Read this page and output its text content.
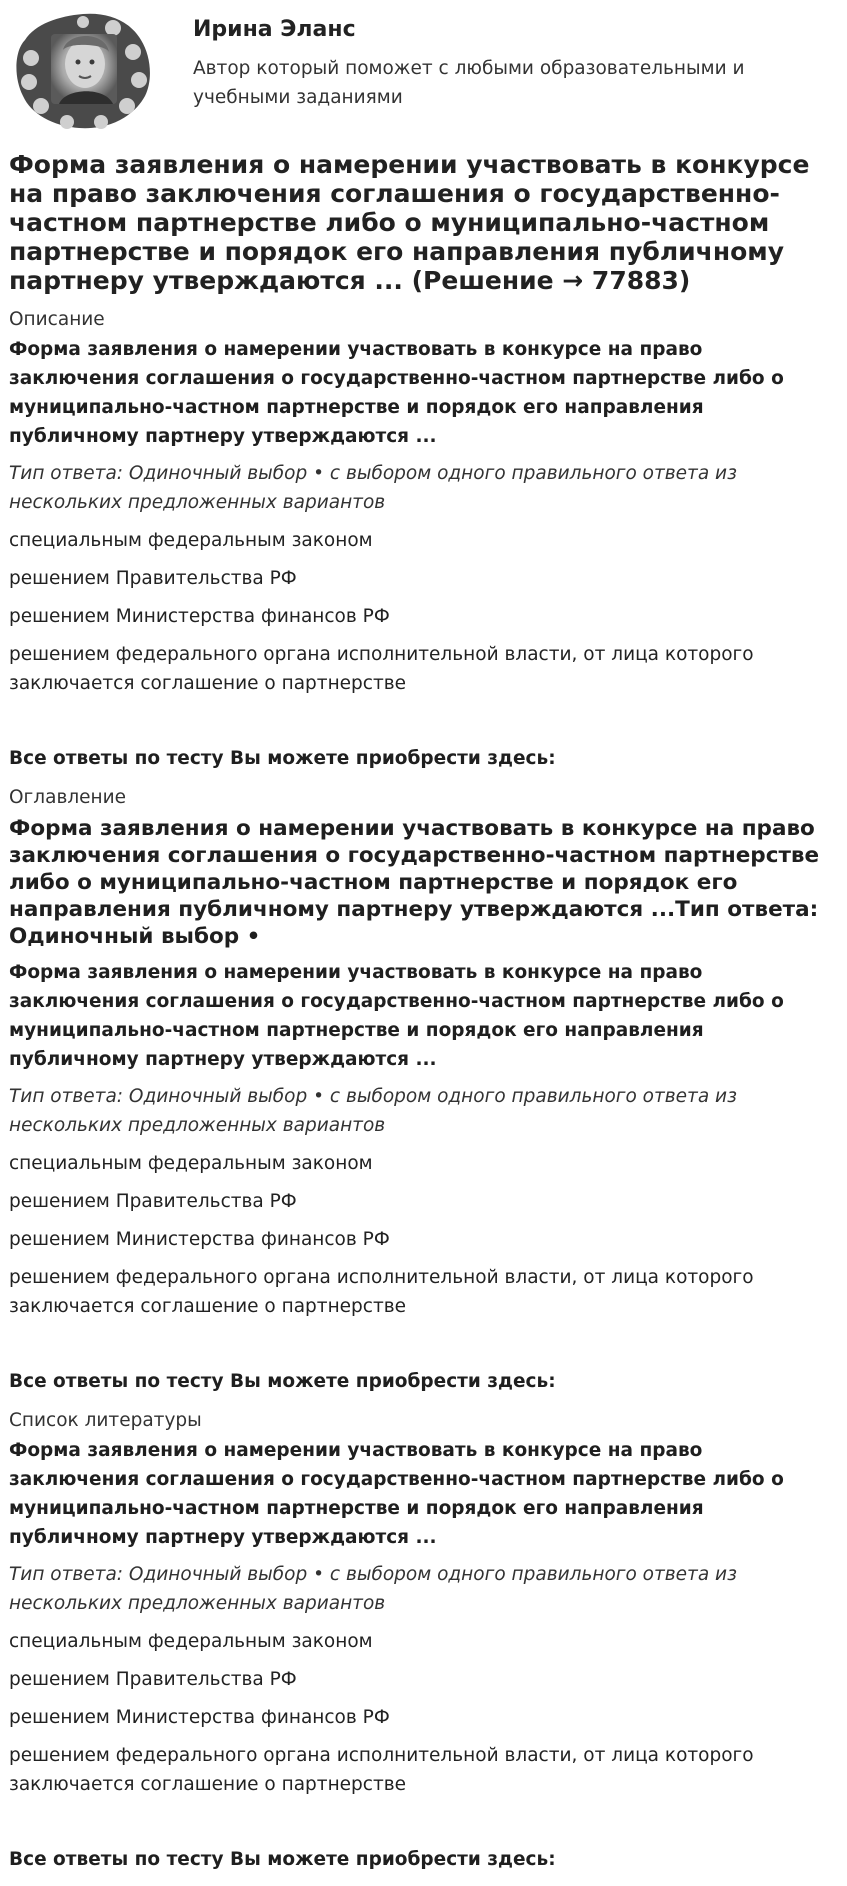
Ирина Эланс
Автор который поможет с любыми образовательными и учебными заданиями
Форма заявления о намерении участвовать в конкурсе на право заключения соглашения о государственно-частном партнерстве либо о муниципально-частном партнерстве и порядок его направления публичному партнеру утверждаются ... (Решение → 77883)
Описание
Форма заявления о намерении участвовать в конкурсе на право заключения соглашения о государственно-частном партнерстве либо о муниципально-частном партнерстве и порядок его направления публичному партнеру утверждаются ...
Тип ответа: Одиночный выбор • с выбором одного правильного ответа из нескольких предложенных вариантов
специальным федеральным законом
решением Правительства РФ
решением Министерства финансов РФ
решением федерального органа исполнительной власти, от лица которого заключается соглашение о партнерстве
Все ответы по тесту Вы можете приобрести здесь:
Оглавление
Форма заявления о намерении участвовать в конкурсе на право заключения соглашения о государственно-частном партнерстве либо о муниципально-частном партнерстве и порядок его направления публичному партнеру утверждаются ...Тип ответа: Одиночный выбор •
Форма заявления о намерении участвовать в конкурсе на право заключения соглашения о государственно-частном партнерстве либо о муниципально-частном партнерстве и порядок его направления публичному партнеру утверждаются ...
Тип ответа: Одиночный выбор • с выбором одного правильного ответа из нескольких предложенных вариантов
специальным федеральным законом
решением Правительства РФ
решением Министерства финансов РФ
решением федерального органа исполнительной власти, от лица которого заключается соглашение о партнерстве
Все ответы по тесту Вы можете приобрести здесь:
Список литературы
Форма заявления о намерении участвовать в конкурсе на право заключения соглашения о государственно-частном партнерстве либо о муниципально-частном партнерстве и порядок его направления публичному партнеру утверждаются ...
Тип ответа: Одиночный выбор • с выбором одного правильного ответа из нескольких предложенных вариантов
специальным федеральным законом
решением Правительства РФ
решением Министерства финансов РФ
решением федерального органа исполнительной власти, от лица которого заключается соглашение о партнерстве
Все ответы по тесту Вы можете приобрести здесь:
